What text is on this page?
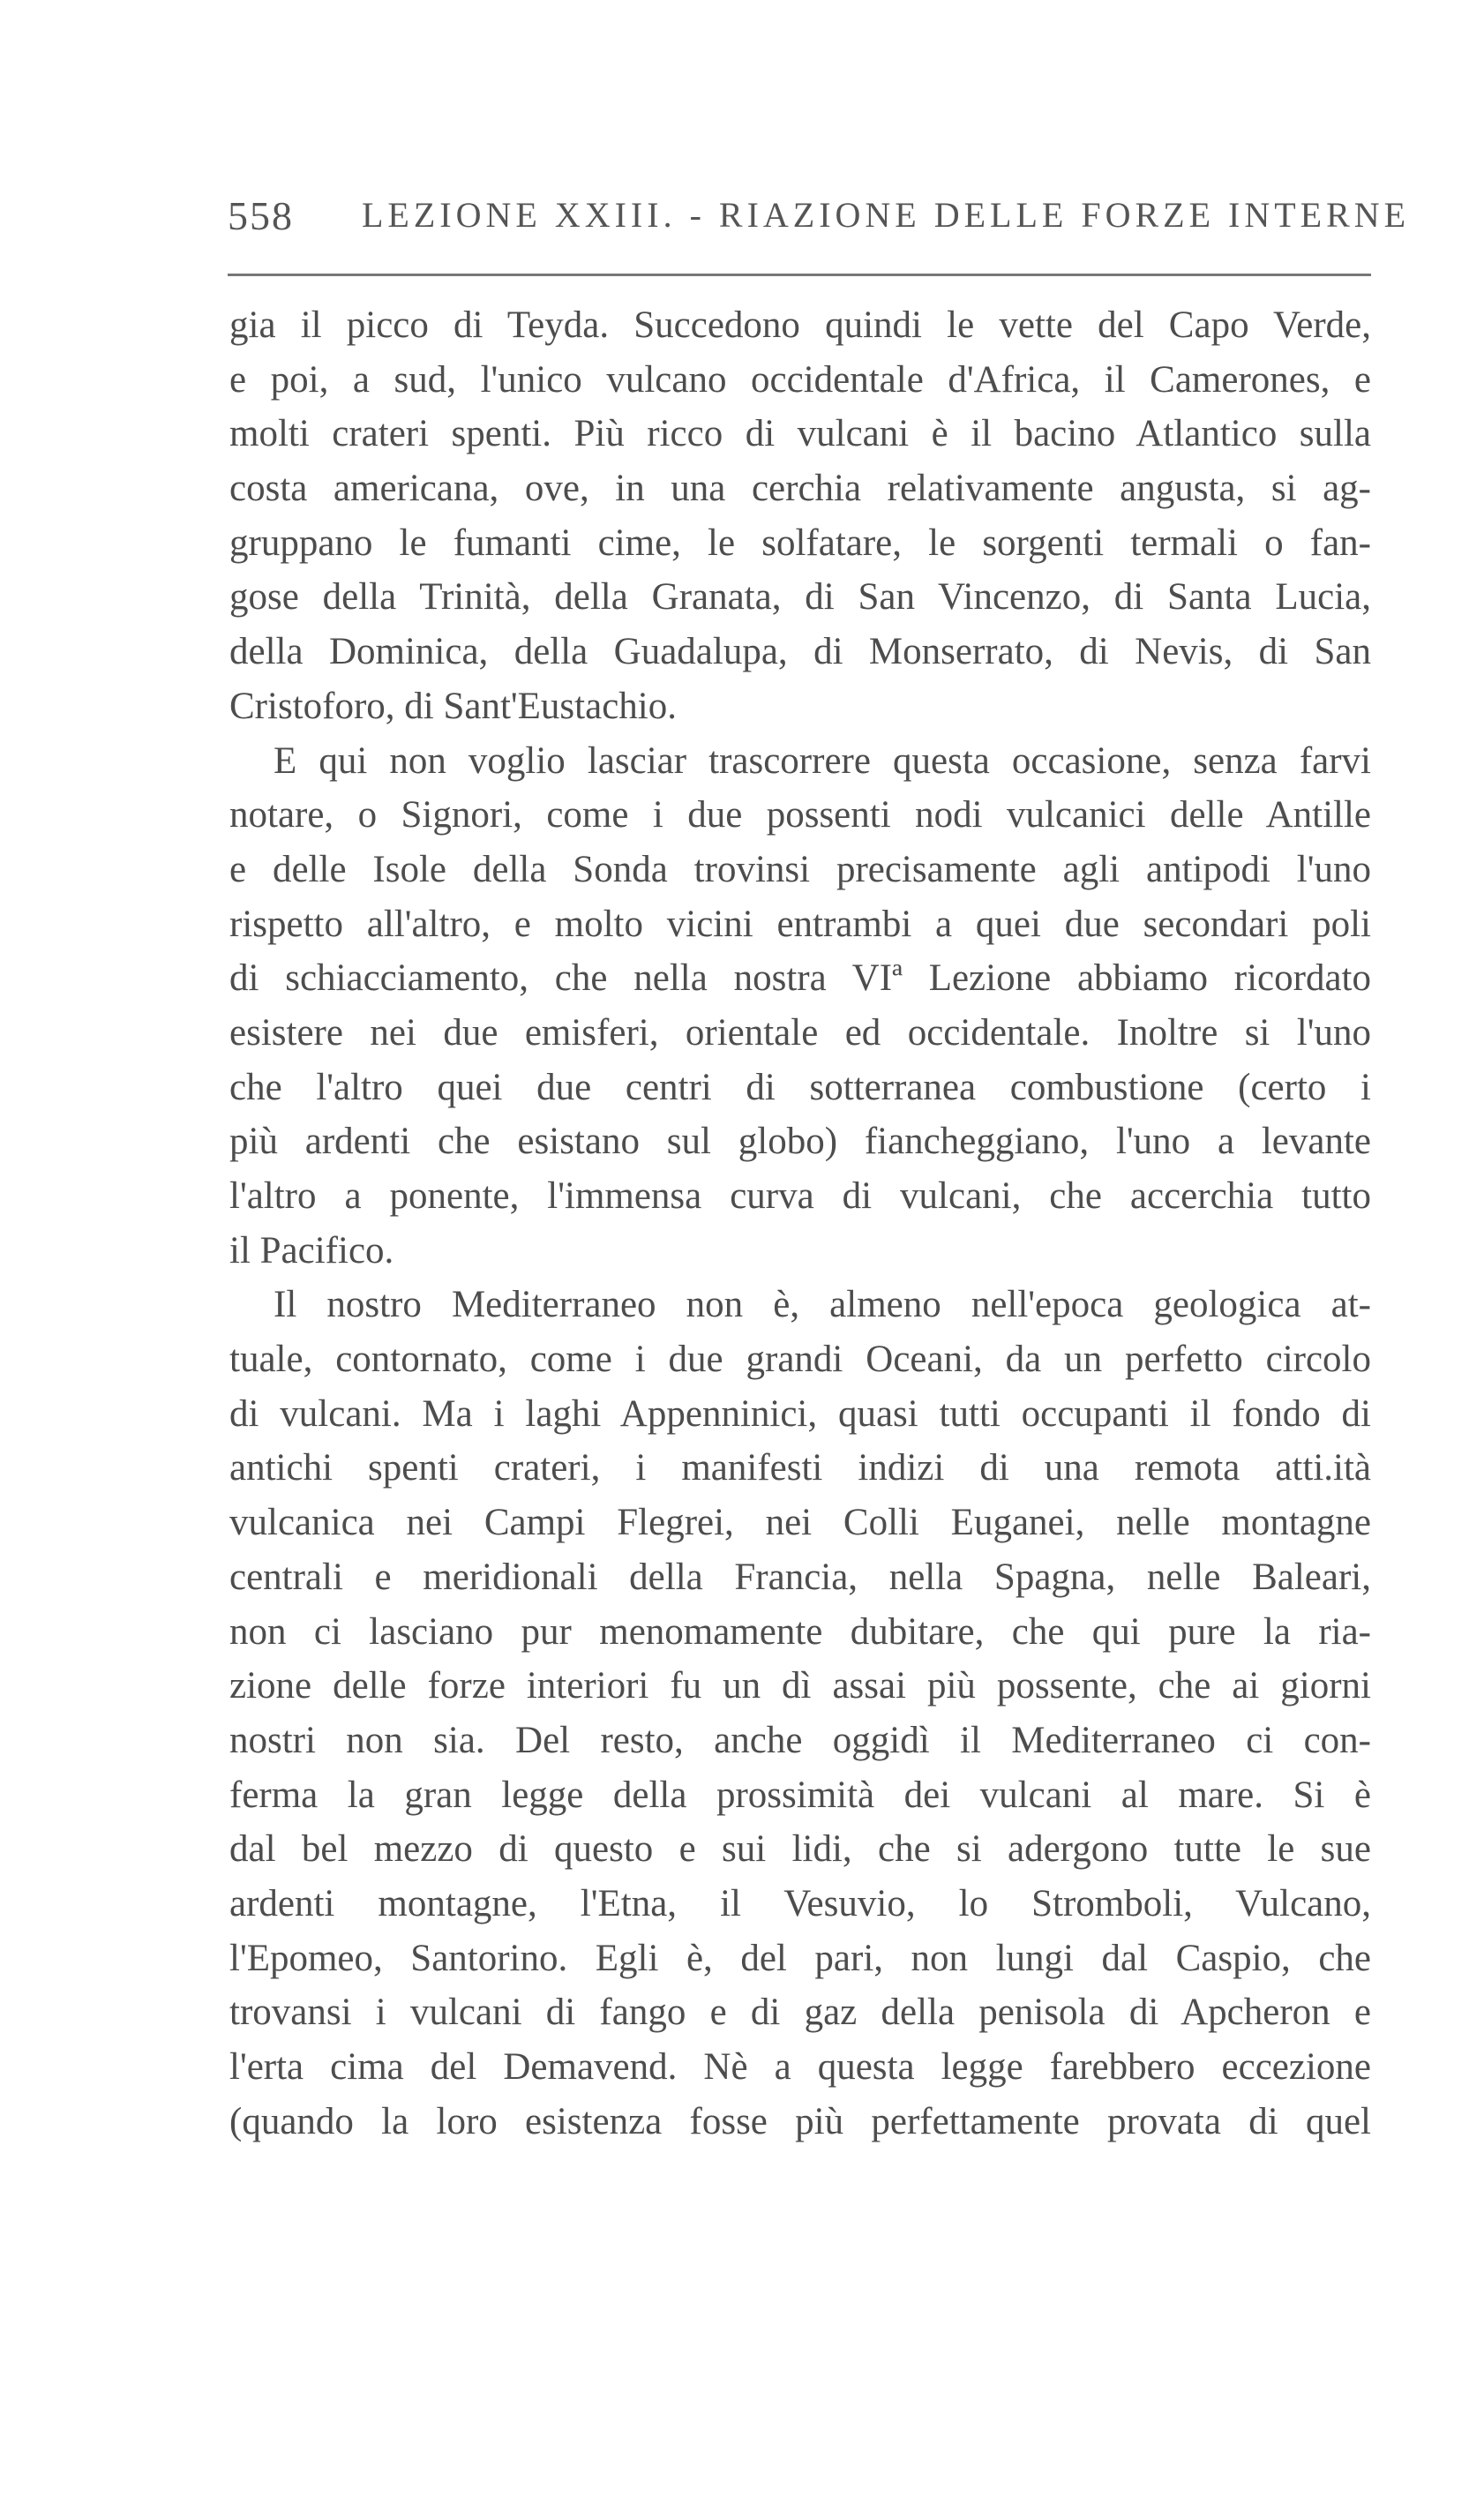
558 LEZIONE XXIII. - RIAZIONE DELLE FORZE INTERNE
gia il picco di Teyda. Succedono quindi le vette del Capo Verde,
e poi, a sud, l'unico vulcano occidentale d'Africa, il Camerones, e
molti crateri spenti. Più ricco di vulcani è il bacino Atlantico sulla
costa americana, ove, in una cerchia relativamente angusta, si ag-
gruppano le fumanti cime, le solfatare, le sorgenti termali o fan-
gose della Trinità, della Granata, di San Vincenzo, di Santa Lucia,
della Dominica, della Guadalupa, di Monserrato, di Nevis, di San
Cristoforo, di Sant'Eustachio.
E qui non voglio lasciar trascorrere questa occasione, senza farvi
notare, o Signori, come i due possenti nodi vulcanici delle Antille
e delle Isole della Sonda trovinsi precisamente agli antipodi l'uno
rispetto all'altro, e molto vicini entrambi a quei due secondari poli
di schiacciamento, che nella nostra VIª Lezione abbiamo ricordato
esistere nei due emisferi, orientale ed occidentale. Inoltre si l'uno
che l'altro quei due centri di sotterranea combustione (certo i
più ardenti che esistano sul globo) fiancheggiano, l'uno a levante
l'altro a ponente, l'immensa curva di vulcani, che accerchia tutto
il Pacifico.
Il nostro Mediterraneo non è, almeno nell'epoca geologica at-
tuale, contornato, come i due grandi Oceani, da un perfetto circolo
di vulcani. Ma i laghi Appenninici, quasi tutti occupanti il fondo di
antichi spenti crateri, i manifesti indizi di una remota atti.ità
vulcanica nei Campi Flegrei, nei Colli Euganei, nelle montagne
centrali e meridionali della Francia, nella Spagna, nelle Baleari,
non ci lasciano pur menomamente dubitare, che qui pure la ria-
zione delle forze interiori fu un dì assai più possente, che ai giorni
nostri non sia. Del resto, anche oggidì il Mediterraneo ci con-
ferma la gran legge della prossimità dei vulcani al mare. Si è
dal bel mezzo di questo e sui lidi, che si adergono tutte le sue
ardenti montagne, l'Etna, il Vesuvio, lo Stromboli, Vulcano,
l'Epomeo, Santorino. Egli è, del pari, non lungi dal Caspio, che
trovansi i vulcani di fango e di gaz della penisola di Apcheron e
l'erta cima del Demavend. Nè a questa legge farebbero eccezione
(quando la loro esistenza fosse più perfettamente provata di quel
